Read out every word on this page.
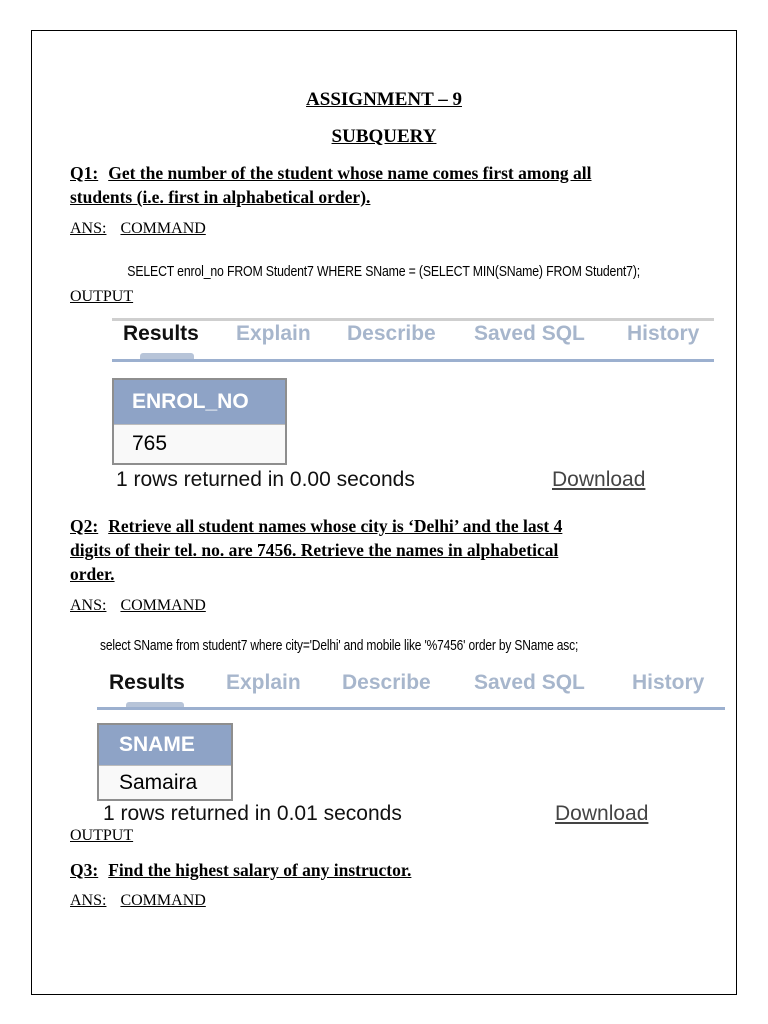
ASSIGNMENT – 9
SUBQUERY
Q1: Get the number of the student whose name comes first among all
students (i.e. first in alphabetical order).
ANS: COMMAND
SELECT enrol_no FROM Student7 WHERE SName = (SELECT MIN(SName) FROM Student7);
OUTPUT
Results Explain Describe Saved SQL History
ENROL_NO
765
1 rows returned in 0.00 seconds	Download
Q2: Retrieve all student names whose city is ‘Delhi’ and the last 4
digits of their tel. no. are 7456. Retrieve the names in alphabetical
order.
ANS: COMMAND
select SName from student7 where city='Delhi' and mobile like '%7456' order by SName asc;
Results Explain Describe Saved SQL History
SNAME
Samaira
1 rows returned in 0.01 seconds	Download
OUTPUT
Q3: Find the highest salary of any instructor.
ANS: COMMAND
